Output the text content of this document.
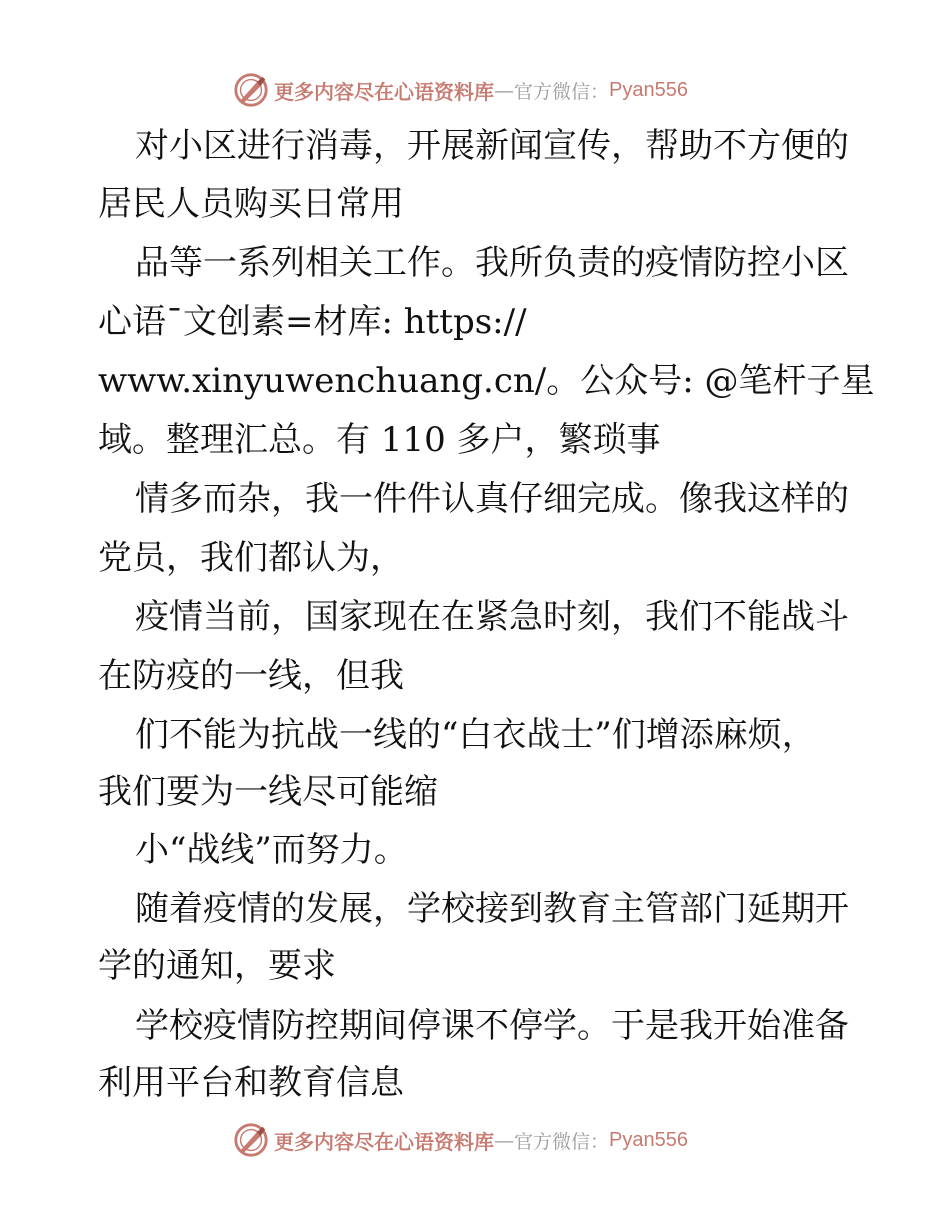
更多内容尽在心语资料库 — 官方微信： Pyan556
对小区进行消毒，开展新闻宣传，帮助不方便的
居民人员购买日常用
品等一系列相关工作。我所负责的疫情防控小区
心语¯文创素=材库: https://
www.xinyuwenchuang.cn/。公众号: @笔杆子星
域。整理汇总。有 110 多户，繁琐事
情多而杂，我一件件认真仔细完成。像我这样的
党员，我们都认为，
疫情当前，国家现在在紧急时刻，我们不能战斗
在防疫的一线，但我
们不能为抗战一线的“白衣战士”们增添麻烦，
我们要为一线尽可能缩
小“战线”而努力。
随着疫情的发展，学校接到教育主管部门延期开
学的通知，要求
学校疫情防控期间停课不停学。于是我开始准备
利用平台和教育信息
更多内容尽在心语资料库 — 官方微信： Pyan556
